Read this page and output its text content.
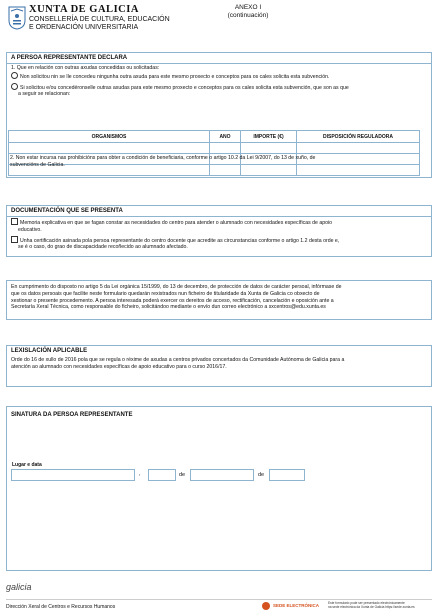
XUNTA DE GALICIA
CONSELLERÍA DE CULTURA, EDUCACIÓN
E ORDENACIÓN UNIVERSITARIA
ANEXO I
(continuación)
A PERSOA REPRESENTANTE DECLARA
1. Que en relación con outras axudas concedidas ou solicitadas:
Non solicitou nin se lle concedeu ningunha outra axuda para este mesmo proxecto e conceptos para os cales solicita esta subvención.
Si solicitou e/ou concedéronselle outras axudas para este mesmo proxecto e conceptos para os cales solicita esta subvención, que son as que
a seguir se relacionan:
ORGANISMOS	ANO	IMPORTE (€)	DISPOSICIÓN REGULADORA

2. Non estar incursa nas prohibicións para obter a condición de beneficiaria, conforme o artigo 10.2 da Lei 9/2007, do 13 de xuño, de
subvencións de Galicia.
DOCUMENTACIÓN QUE SE PRESENTA
Memoria explicativa en que se fagan constar as necesidades do centro para atender o alumnado con necesidades específicas de apoio
educativo.
Unha certificación asinada pola persoa representante do centro docente que acredite as circunstancias conforme o artigo 1.2 desta orde e,
se é o caso, do grao de discapacidade recoñecido ao alumnado afectado.
En cumprimento do disposto no artigo 5 da Lei orgánica 15/1999, do 13 de decembro, de protección de datos de carácter persoal, infórmase de
que os datos persoais que facilite neste formulario quedarán rexistrados nun ficheiro de titularidade da Xunta de Galicia co obxecto de
xestionar o presente procedemento. A persoa interesada poderá exercer os dereitos de acceso, rectificación, cancelación e oposición ante a
Secretaría Xeral Técnica, como responsable do ficheiro, solicitándoo mediante o envío dun correo electrónico a sxcentros@edu.xunta.es
LEXISLACIÓN APLICABLE
Orde do 16 de xullo de 2016 pola que se regula o réxime de axudas a centros privados concertados da Comunidade Autónoma de Galicia para a
atención ao alumnado con necesidades específicas de apoio educativo para o curso 2016/17.
SINATURA DA PERSOA REPRESENTANTE
Lugar e data
,	de	de
galicia
Dirección Xeral de Centros e Recursos Humanos	SEDE ELECTRÓNICA	Este formulario pode ser presentado electrónicamente
na sede electrónica da Xunta de Galicia https://sede.xunta.es
